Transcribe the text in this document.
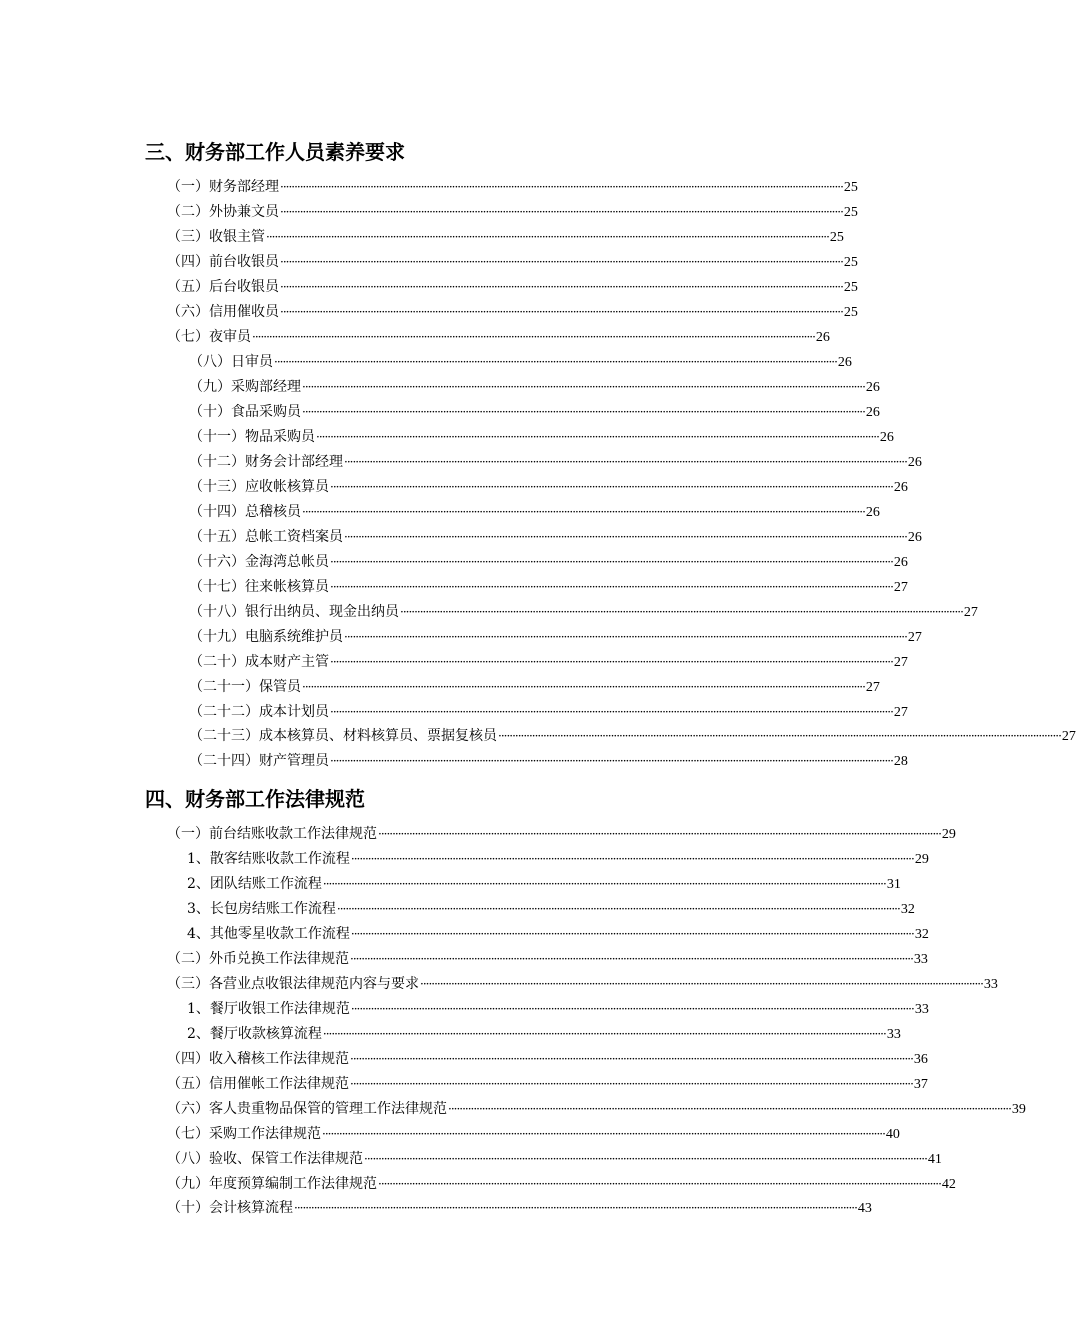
三、财务部工作人员素养要求
（一）财务部经理 ········································································································································································································ 25
（二）外协兼文员 ········································································································································································································ 25
（三）收银主管 ········································································································································································································ 25
（四）前台收银员 ········································································································································································································ 25
（五）后台收银员 ········································································································································································································ 25
（六）信用催收员 ········································································································································································································ 25
（七）夜审员 ········································································································································································································ 26
（八）日审员 ········································································································································································································ 26
（九）采购部经理 ········································································································································································································ 26
（十）食品采购员 ········································································································································································································ 26
（十一）物品采购员 ········································································································································································································ 26
（十二）财务会计部经理 ········································································································································································································ 26
（十三）应收帐核算员 ········································································································································································································ 26
（十四）总稽核员 ········································································································································································································ 26
（十五）总帐工资档案员 ········································································································································································································ 26
（十六）金海湾总帐员 ········································································································································································································ 26
（十七）往来帐核算员 ········································································································································································································ 27
（十八）银行出纳员、现金出纳员 ········································································································································································································ 27
（十九）电脑系统维护员 ········································································································································································································ 27
（二十）成本财产主管 ········································································································································································································ 27
（二十一）保管员 ········································································································································································································ 27
（二十二）成本计划员 ········································································································································································································ 27
（二十三）成本核算员、材料核算员、票据复核员 ········································································································································································································ 27
（二十四）财产管理员 ········································································································································································································ 28
四、财务部工作法律规范
（一）前台结账收款工作法律规范 ········································································································································································································ 29
1、散客结账收款工作流程 ········································································································································································································ 29
2、团队结账工作流程 ········································································································································································································ 31
3、长包房结账工作流程 ········································································································································································································ 32
4、其他零星收款工作流程 ········································································································································································································ 32
（二）外币兑换工作法律规范 ········································································································································································································ 33
（三）各营业点收银法律规范内容与要求 ········································································································································································································ 33
1、餐厅收银工作法律规范 ········································································································································································································ 33
2、餐厅收款核算流程 ········································································································································································································ 33
（四）收入稽核工作法律规范 ········································································································································································································ 36
（五）信用催帐工作法律规范 ········································································································································································································ 37
（六）客人贵重物品保管的管理工作法律规范 ········································································································································································································ 39
（七）采购工作法律规范 ········································································································································································································ 40
（八）验收、保管工作法律规范 ········································································································································································································ 41
（九）年度预算编制工作法律规范 ········································································································································································································ 42
（十）会计核算流程 ········································································································································································································ 43
